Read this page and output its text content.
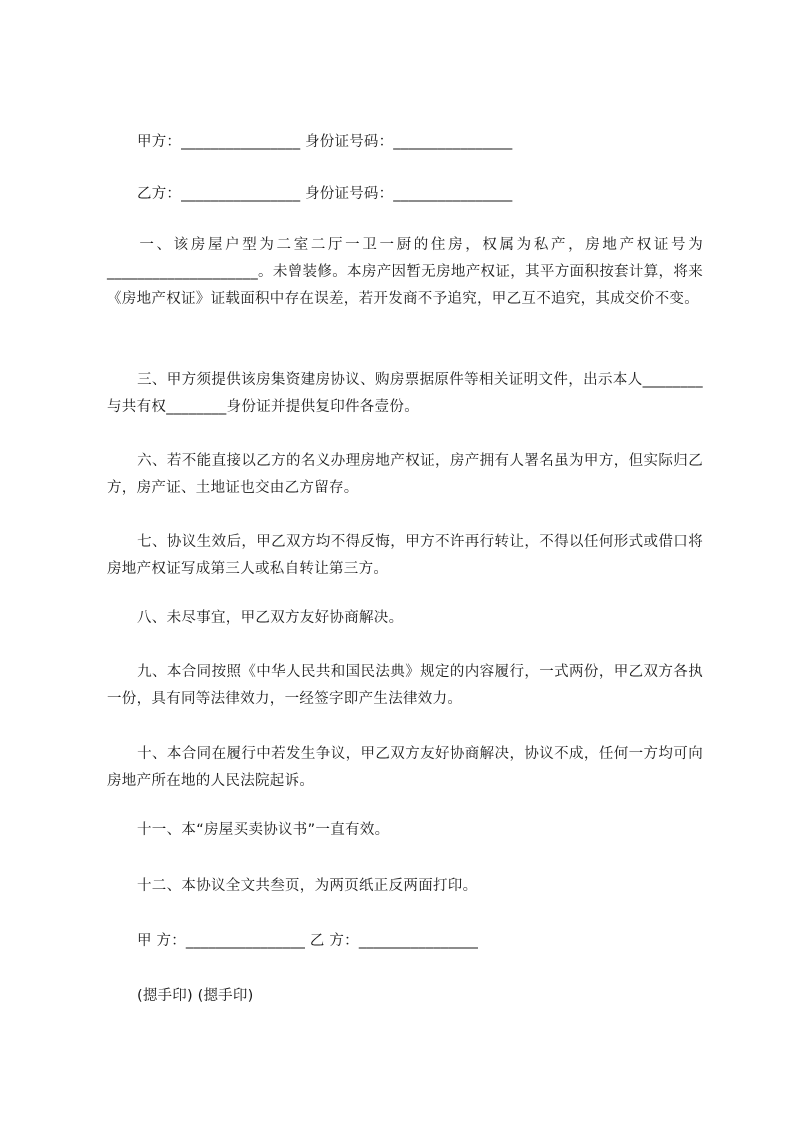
甲方：________________ 身份证号码：________________
乙方：________________ 身份证号码：________________
一、该房屋户型为二室二厅一卫一厨的住房，权属为私产，房地产权证号为____________________。未曾装修。本房产因暂无房地产权证，其平方面积按套计算，将来《房地产权证》证载面积中存在误差，若开发商不予追究，甲乙互不追究，其成交价不变。
三、甲方须提供该房集资建房协议、购房票据原件等相关证明文件，出示本人________与共有权________身份证并提供复印件各壹份。
六、若不能直接以乙方的名义办理房地产权证，房产拥有人署名虽为甲方，但实际归乙方，房产证、土地证也交由乙方留存。
七、协议生效后，甲乙双方均不得反悔，甲方不许再行转让，不得以任何形式或借口将房地产权证写成第三人或私自转让第三方。
八、未尽事宜，甲乙双方友好协商解决。
九、本合同按照《中华人民共和国民法典》规定的内容履行，一式两份，甲乙双方各执一份，具有同等法律效力，一经签字即产生法律效力。
十、本合同在履行中若发生争议，甲乙双方友好协商解决，协议不成，任何一方均可向房地产所在地的人民法院起诉。
十一、本“房屋买卖协议书”一直有效。
十二、本协议全文共叁页，为两页纸正反两面打印。
甲 方：________________ 乙 方：________________
(摁手印) (摁手印)
